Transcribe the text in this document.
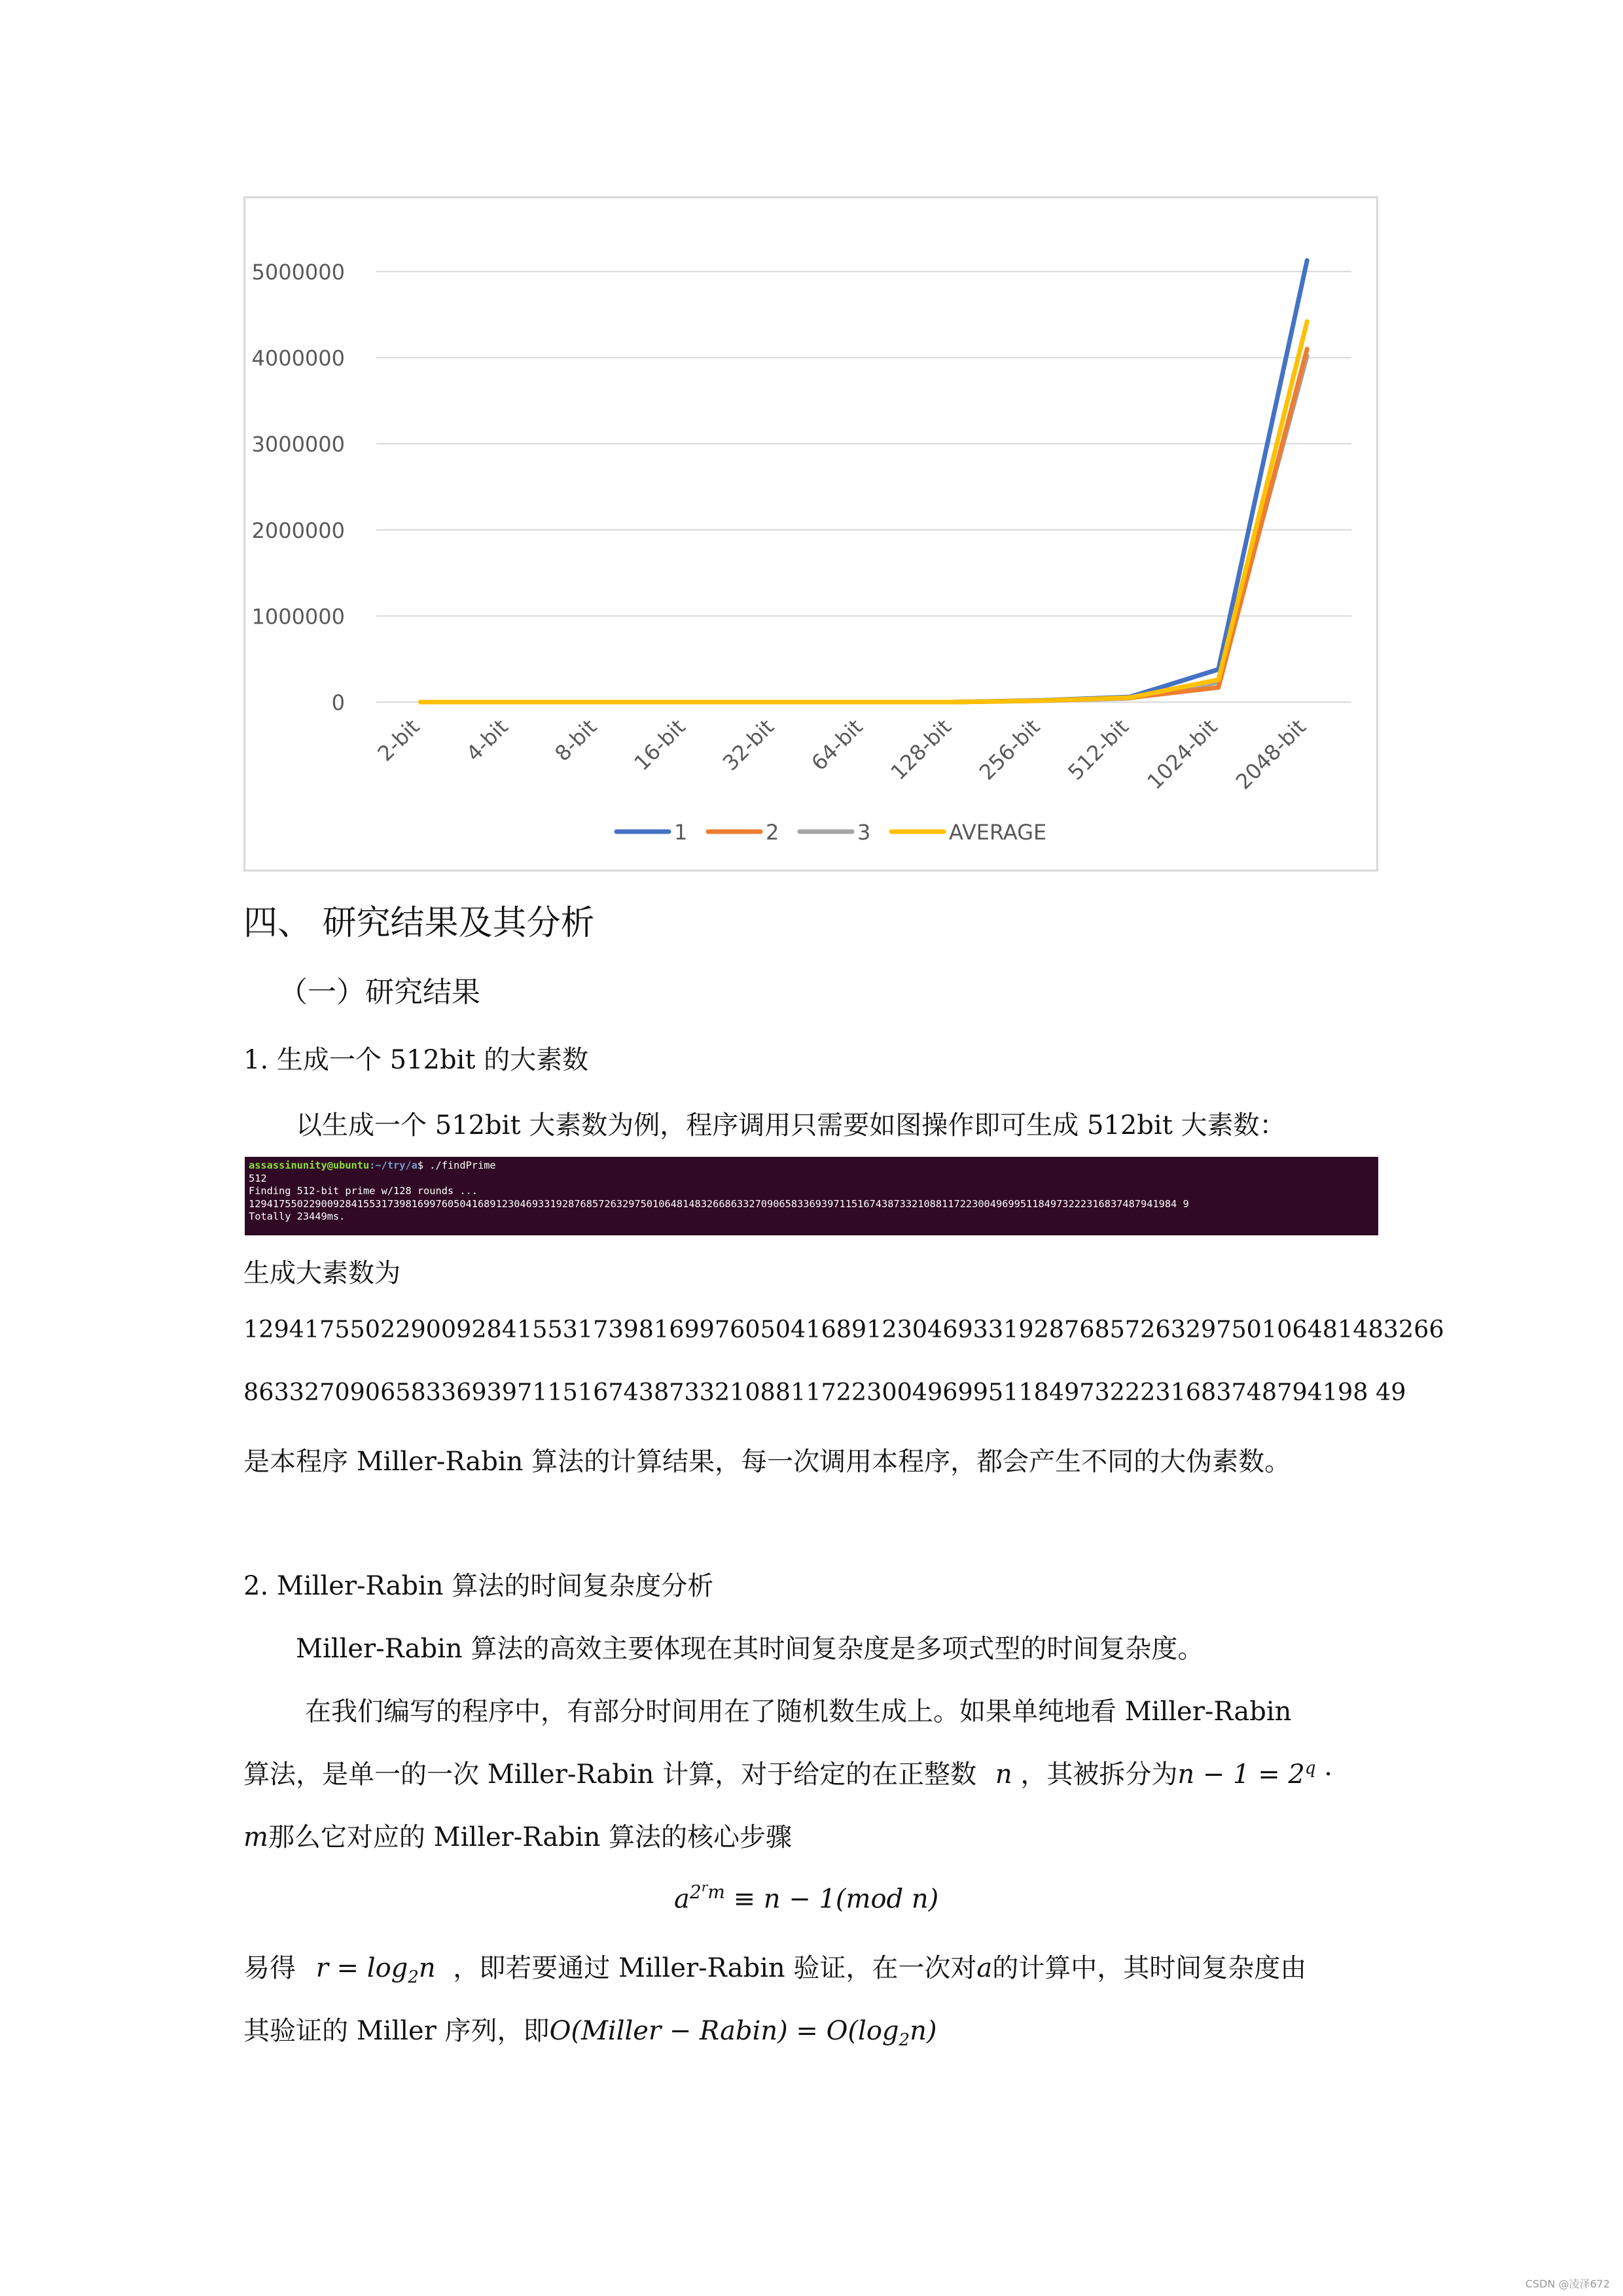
0
1000000
2000000
3000000
4000000
5000000
2-bit 4-bit 8-bit 16-bit 32-bit 64-bit 128-bit 256-bit 512-bit 1024-bit 2048-bit
1	2	3	AVERAGE
四、 研究结果及其分析
（一）研究结果
1. 生成一个 512bit 的大素数
以生成一个 512bit 大素数为例，程序调用只需要如图操作即可生成 512bit 大素数：
assassinunity@ubuntu:~/try/a$ ./findPrime
512
Finding 512-bit prime w/128 rounds ...
1294175502290092841553173981699760504168912304693319287685726329750106481483266863327090658336939711516743873321088117223004969951184973222316837487941984 9
Totally 23449ms.
生成大素数为
1294175502290092841553173981699760504168912304693319287685726329750106481483266
86332709065833693971151674387332108811722300496995118497322231683748794198 49
是本程序 Miller-Rabin 算法的计算结果，每一次调用本程序，都会产生不同的大伪素数。
2. Miller-Rabin 算法的时间复杂度分析
Miller-Rabin 算法的高效主要体现在其时间复杂度是多项式型的时间复杂度。
在我们编写的程序中，有部分时间用在了随机数生成上。如果单纯地看 Miller-Rabin
算法，是单一的一次 Miller-Rabin 计算，对于给定的在正整数 n ，其被拆分为$n - 1 = 2^q$ ·
m那么它对应的 Miller-Rabin 算法的核心步骤
$a^{2^rm} \equiv n - 1(mod$ n)
易得 $r = \log_2n$ ，即若要通过 Miller-Rabin 验证，在一次对a的计算中，其时间复杂度由
其验证的 Miller 序列，即O(Miller − Rabin) = $O(\log_2n)$
CSDN @凌泽672
